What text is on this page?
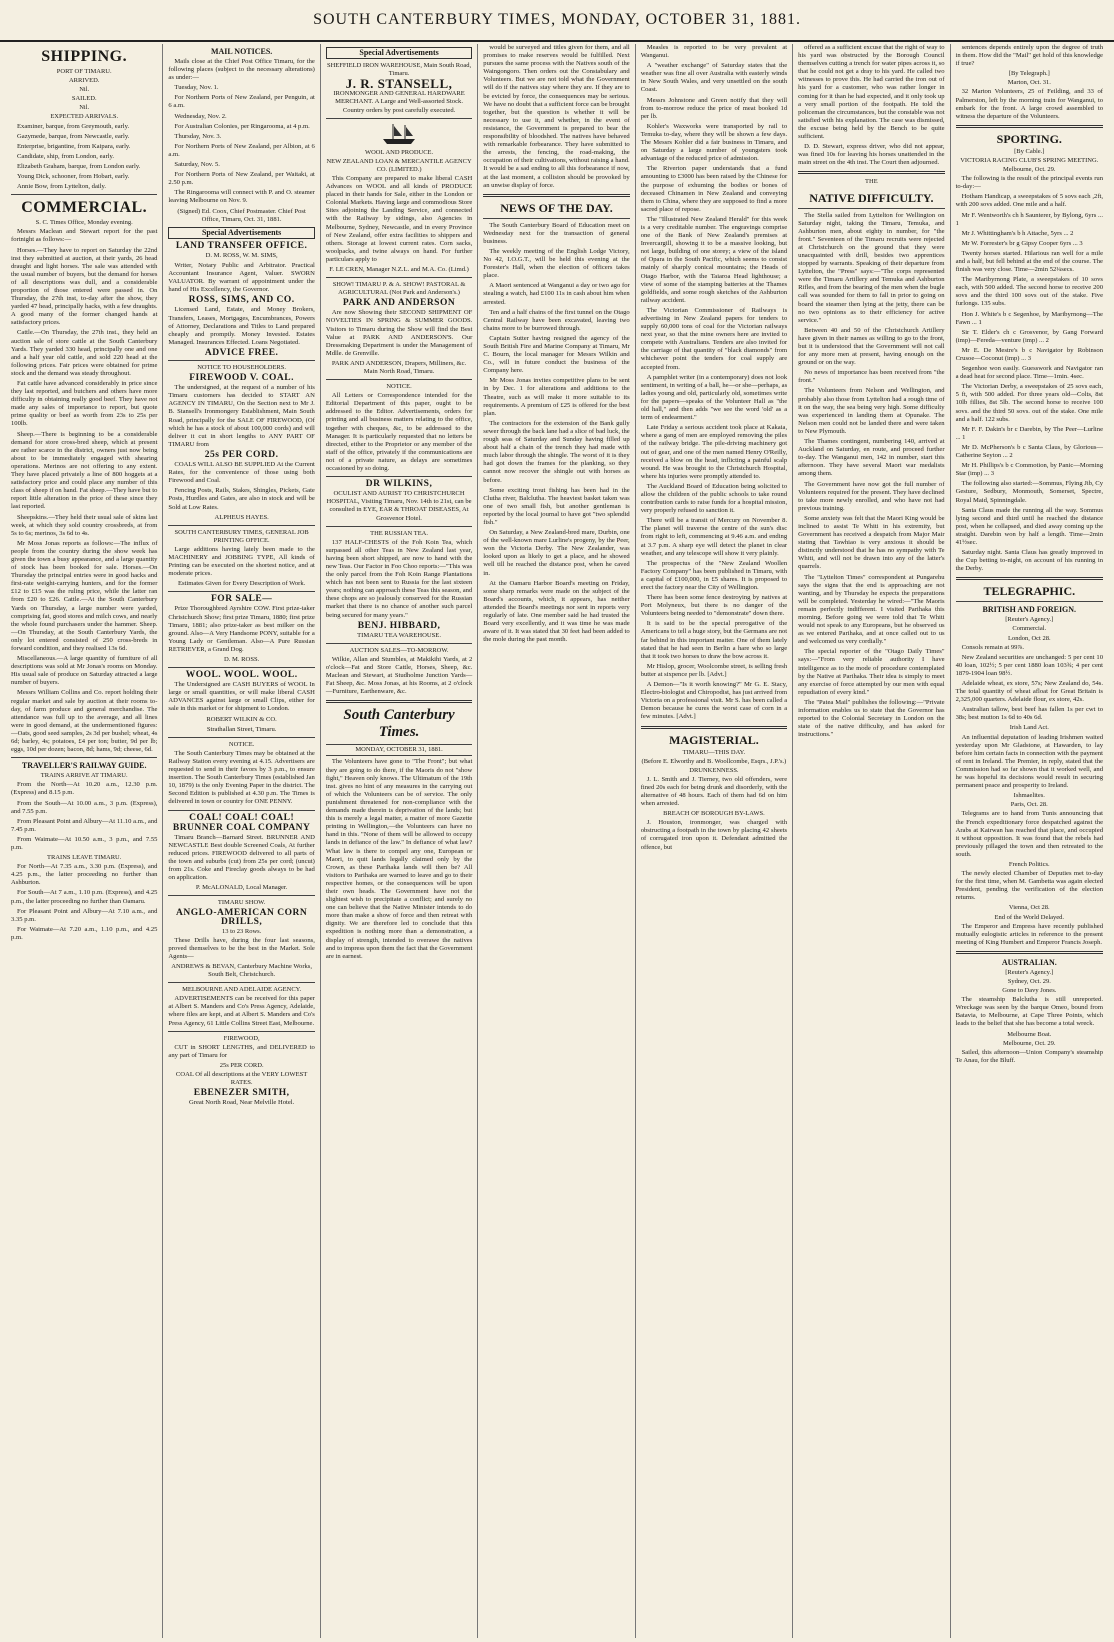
SOUTH CANTERBURY TIMES, MONDAY, OCTOBER 31, 1881.
SHIPPING.
PORT OF TIMARU.
ARRIVED.
Nil.
SAILED.
Nil.
EXPECTED ARRIVALS.

Examiner, barque, from Greymouth, early.

Gazymede, barque, from Newcastle, early.

Enterprise, brigantine, from Kaipara, early.

Candidate, ship, from London, early.

Elizabeth Graham, barque, from London early.

Young Dick, schooner, from Hobart, early.

Annie Bow, from Lyttelton, daily.

COMMERCIAL.
S. C. Times Office, Monday evening.

Messrs Maclean and Stewart report for the past fortnight as follows:—

Horses.—They have to report on Saturday the 22nd inst they submitted at auction, at their yards, 26 head draught and light horses. The sale was attended with the usual number of buyers, but the demand for horses of all descriptions was dull, and a considerable proportion of those entered were passed in. On Thursday, the 27th inst, to-day after the show, they yarded 47 head, principally hacks, with a few draughts. A good many of the former changed hands at satisfactory prices.

Cattle.—On Thursday, the 27th inst., they held an auction sale of store cattle at the South Canterbury Yards. They yarded 330 head, principally one and one and a half year old cattle, and sold 220 head at the following prices. Fair prices were obtained for prime stock and the demand was steady throughout.

Fat cattle have advanced considerably in price since they last reported, and butchers and others have more difficulty in obtaining really good beef. They have not made any sales of importance to report, but quote prime quality or beef as worth from 23s to 25s per 100lb.

Sheep.—There is beginning to be a considerable demand for store cross-bred sheep, which at present are rather scarce in the district, owners just now being about to be immediately engaged with shearing operations. Merinos are not offering to any extent. They have placed privately a line of 800 hoggets at a satisfactory price and could place any number of this class of sheep if on hand. Fat sheep.—They have but to report little alteration in the price of these since they last reported.

Sheepskins.—They held their usual sale of skins last week, at which they sold country crossbreds, at from 5s to 6s; merinos, 3s 6d to 4s.

Mr Moss Jonas reports as follows:—The influx of people from the country during the show week has given the town a busy appearance, and a large quantity of stock has been booked for sale. Horses.—On Thursday the principal entries were in good hacks and first-rate weight-carrying hunters, and for the former £12 to £15 was the ruling price, while the latter ran from £20 to £26. Cattle.—At the South Canterbury Yards on Thursday, a large number were yarded, comprising fat, good stores and milch cows, and nearly the whole found purchasers under the hammer. Sheep.—On Thursday, at the South Canterbury Yards, the only lot entered consisted of 250 cross-breds in forward condition, and they realised 13s 6d.

Miscellaneous.—A large quantity of furniture of all descriptions was sold at Mr Jonas's rooms on Monday. His usual sale of produce on Saturday attracted a large number of buyers.

Messrs William Collins and Co. report holding their regular market and sale by auction at their rooms to-day, of farm produce and general merchandise. The attendance was full up to the average, and all lines were in good demand, at the undermentioned figures:—Oats, good seed samples, 2s 3d per bushel; wheat, 4s 6d; barley, 4s; potatoes, £4 per ton; butter, 9d per lb; eggs, 10d per dozen; bacon, 8d; hams, 9d; cheese, 6d.

TRAVELLER'S RAILWAY GUIDE.
TRAINS ARRIVE AT TIMARU.

From the North—At 10.20 a.m., 12.30 p.m. (Express) and 8.15 p.m.

From the South—At 10.00 a.m., 3 p.m. (Express), and 7.55 p.m.

From Pleasant Point and Albury—At 11.10 a.m., and 7.45 p.m.

From Waimate—At 10.50 a.m., 3 p.m., and 7.55 p.m.

TRAINS LEAVE TIMARU.

For North—At 7.35 a.m., 3.30 p.m. (Express), and 4.25 p.m., the latter proceeding no further than Ashburton.

For South—At 7 a.m., 1.10 p.m. (Express), and 4.25 p.m., the latter proceeding no further than Oamaru.

For Pleasant Point and Albury—At 7.10 a.m., and 3.35 p.m.

For Waimate—At 7.20 a.m., 1.10 p.m., and 4.25 p.m.

MAIL NOTICES.

Mails close at the Chief Post Office Timaru, for the following places (subject to the necessary alterations) as under:—

Tuesday, Nov. 1.

For Northern Ports of New Zealand, per Penguin, at 6 a.m.

Wednesday, Nov. 2.

For Australian Colonies, per Ringarooma, at 4 p.m.

Thursday, Nov. 3.

For Northern Ports of New Zealand, per Albion, at 6 a.m.

Saturday, Nov. 5.

For Northern Ports of New Zealand, per Waitaki, at 2.50 p.m.

The Ringarooma will connect with P. and O. steamer leaving Melbourne on Nov. 9.

(Signed) Ed. Coox, Chief Postmaster. Chief Post Office, Timaru, Oct. 31, 1881.

Special Advertisements
LAND TRANSFER OFFICE.

D. M. ROSS, W. M. SIMS,

Writer, Notary Public and Arbitrator. Practical Accountant Insurance Agent, Valuer. SWORN VALUATOR. By warrant of appointment under the hand of His Excellency, the Governor.

ROSS, SIMS, AND CO.

Licensed Land, Estate, and Money Brokers, Transfers, Leases, Mortgages, Encumbrances, Powers of Attorney, Declarations and Titles to Land prepared cheaply and promptly. Money Invested. Estates Managed. Insurances Effected. Loans Negotiated.

ADVICE FREE.
NOTICE TO HOUSEHOLDERS.
FIREWOOD V. COAL.

The undersigned, at the request of a number of his Timaru customers has decided to START AN AGENCY IN TIMARU, On the Section next to Mr J. B. Stansell's Ironmongery Establishment, Main South Road, principally for the SALE OF FIREWOOD, (Of which he has a stock of about 100,000 cords) and will deliver it cut in short lengths to ANY PART OF TIMARU from

25s PER CORD.

COALS WILL ALSO BE SUPPLIED At the Current Rates, for the convenience of those using both Firewood and Coal.

Fencing Posts, Rails, Stakes, Shingles, Pickets, Gate Posts, Hurdles and Gates, are also in stock and will be Sold at Low Rates.

ALPHEUS HAYES.

SOUTH CANTERBURY TIMES, GENERAL JOB PRINTING OFFICE.

Large additions having lately been made to the MACHINERY and JOBBING TYPE, All kinds of Printing can be executed on the shortest notice, and at moderate prices.

Estimates Given for Every Description of Work.

FOR SALE—

Prize Thoroughbred Ayrshire COW. First prize-taker Christchurch Show; first prize Timaru, 1880; first prize Timaru, 1881; also prize-taker as best milker on the ground. Also—A Very Handsome PONY, suitable for a Young Lady or Gentleman. Also—A Pure Russian RETRIEVER, a Grand Dog.

D. M. ROSS.

WOOL. WOOL. WOOL.

The Undersigned are CASH BUYERS of WOOL In large or small quantities, or will make liberal CASH ADVANCES against large or small Clips, either for sale in this market or for shipment to London.

ROBERT WILKIN & CO.

Strathallan Street, Timaru.

NOTICE.

The South Canterbury Times may be obtained at the Railway Station every evening at 4.15. Advertisers are requested to send in their favors by 3 p.m., to ensure insertion. The South Canterbury Times (established Jan 10, 1879) is the only Evening Paper in the district. The Second Edition is published at 4.30 p.m. The Times is delivered in town or country for ONE PENNY.

COAL! COAL! COAL!
BRUNNER COAL COMPANY

Timaru Branch—Barnard Street. BRUNNER AND NEWCASTLE Best double Screened Coals, At further reduced prices. FIREWOOD delivered to all parts of the town and suburbs (cut) from 25s per cord; (uncut) from 21s. Coke and Fireclay goods always to be had on application.

P. McALONALD, Local Manager.

TIMARU SHOW.
ANGLO-AMERICAN CORN DRILLS,
13 to 23 Rows.

These Drills have, during the four last seasons, proved themselves to be the best in the Market. Sole Agents—

ANDREWS & BEVAN, Canterbury Machine Works, South Belt, Christchurch.

MELBOURNE AND ADELAIDE AGENCY.

ADVERTISEMENTS can be received for this paper at Albert S. Manders and Co's Press Agency, Adelaide, where files are kept, and at Albert S. Manders and Co's Press Agency, 61 Little Collins Street East, Melbourne.

FIREWOOD,

CUT in SHORT LENGTHS, and DELIVERED to any part of Timaru for

25s PER CORD.

COAL Of all descriptions at the VERY LOWEST RATES.

EBENEZER SMITH,

Great North Road, Near Melville Hotel.

Special Advertisements
SHEFFIELD IRON WAREHOUSE, Main South Road, Timaru.
J. R. STANSELL,

IRONMONGER AND GENERAL HARDWARE MERCHANT. A Large and Well-assorted Stock. Country orders by post carefully executed.

WOOL AND PRODUCE.
NEW ZEALAND LOAN & MERCANTILE AGENCY CO. (LIMITED.)

This Company are prepared to make liberal CASH Advances on WOOL and all kinds of PRODUCE placed in their hands for Sale, either in the London or Colonial Markets. Having large and commodious Store Sites adjoining the Landing Service, and connected with the Railway by sidings, also Agencies in Melbourne, Sydney, Newcastle, and in every Province of New Zealand, offer extra facilities to shippers and others. Storage at lowest current rates. Corn sacks, woolpacks, and twine always on hand. For further particulars apply to

F. LE CREN, Manager N.Z.L. and M.A. Co. (Limd.)

SHOW! TIMARU P. & A. SHOW! PASTORAL & AGRICULTURAL (Not Park and Anderson's.)
PARK AND ANDERSON

Are now Showing their SECOND SHIPMENT OF NOVELTIES IN SPRING & SUMMER GOODS. Visitors to Timaru during the Show will find the Best Value at PARK AND ANDERSON'S. Our Dressmaking Department is under the Management of Mdlle. de Grenville.

PARK AND ANDERSON, Drapers, Milliners, &c. Main North Road, Timaru.

NOTICE.

All Letters or Correspondence intended for the Editorial Department of this paper, ought to be addressed to the Editor. Advertisements, orders for printing and all business matters relating to the office, together with cheques, &c, to be addressed to the Manager. It is particularly requested that no letters be directed, either to the Proprietor or any member of the staff of the office, privately if the communications are not of a private nature, as delays are sometimes occasioned by so doing.

DR WILKINS,

OCULIST AND AURIST TO CHRISTCHURCH HOSPITAL, Visiting Timaru, Nov. 14th to 21st, can be consulted in EYE, EAR & THROAT DISEASES, At Grosvenor Hotel.

THE RUSSIAN TEA.

137 HALF-CHESTS of the Foh Koin Tea, which surpassed all other Teas in New Zealand last year, having been short shipped, are now to hand with the new Teas. Our Factor in Foo Choo reports:—"This was the only parcel from the Foh Koin Range Plantations which has not been sent to Russia for the last sixteen years; nothing can approach these Teas this season, and these chops are so jealously conserved for the Russian market that there is no chance of another such parcel being secured for many years."

BENJ. HIBBARD,

TIMARU TEA WAREHOUSE.

AUCTION SALES—TO-MORROW.

Wilkie, Allan and Stumbles, at Makikihi Yards, at 2 o'clock—Fat and Store Cattle, Horses, Sheep, &c. Maclean and Stewart, at Studholme Junction Yards—Fat Sheep, &c. Moss Jonas, at his Rooms, at 2 o'clock—Furniture, Earthenware, &c.

South Canterbury Times.
MONDAY, OCTOBER 31, 1881.

The Volunteers have gone to "The Front"; but what they are going to do there, if the Maoris do not "show fight," Heaven only knows. The Ultimatum of the 19th inst. gives no hint of any measures in the carrying out of which the Volunteers can be of service. The only punishment threatened for non-compliance with the demands made therein is deprivation of the lands; but this is merely a legal matter, a matter of more Gazette printing in Wellington,—the Volunteers can have no hand in this. "None of them will be allowed to occupy lands in defiance of the law." In defiance of what law? What law is there to compel any one, European or Maori, to quit lands legally claimed only by the Crown, as these Parihaka lands will then be? All visitors to Parihaka are warned to leave and go to their respective homes, or the consequences will be upon their own heads. The Government have not the slightest wish to precipitate a conflict; and surely no one can believe that the Native Minister intends to do more than make a show of force and then retreat with dignity. We are therefore led to conclude that this expedition is nothing more than a demonstration, a display of strength, intended to overawe the natives and to impress upon them the fact that the Government are in earnest.

would be surveyed and titles given for them, and all promises to make reserves would be fulfilled. Next pursues the same process with the Natives south of the Waingongoro. Then orders out the Constabulary and Volunteers. But we are not told what the Government will do if the natives stay where they are. If they are to be evicted by force, the consequences may be serious. We have no doubt that a sufficient force can be brought together, but the question is whether it will be necessary to use it, and whether, in the event of resistance, the Government is prepared to bear the responsibility of bloodshed. The natives have behaved with remarkable forbearance. They have submitted to the arrests, the fencing, the road-making, the occupation of their cultivations, without raising a hand. It would be a sad ending to all this forbearance if now, at the last moment, a collision should be provoked by an unwise display of force.

NEWS OF THE DAY.

The South Canterbury Board of Education meet on Wednesday next for the transaction of general business.

The weekly meeting of the English Lodge Victory, No 42, I.O.G.T., will be held this evening at the Forester's Hall, when the election of officers takes place.

A Maori sentenced at Wanganui a day or two ago for stealing a watch, had £100 11s in cash about him when arrested.

Ten and a half chains of the first tunnel on the Otago Central Railway have been excavated, leaving two chains more to be burrowed through.

Captain Sutter having resigned the agency of the South British Fire and Marine Company at Timaru, Mr C. Bourn, the local manager for Messrs Wilkin and Co., will in future conduct the business of the Company here.

Mr Moss Jonas invites competitive plans to be sent in by Dec. 1 for alterations and additions to the Theatre, such as will make it more suitable to its requirements. A premium of £25 is offered for the best plan.

The contractors for the extension of the Bank gully sewer through the back lane had a slice of bad luck, the rough seas of Saturday and Sunday having filled up about half a chain of the trench they had made with much labor through the shingle. The worst of it is they had got down the frames for the planking, so they cannot now recover the shingle out with horses as before.

Some exciting trout fishing has been had in the Clutha river, Balclutha. The heaviest basket taken was one of two small fish, but another gentleman is reported by the local journal to have got "two splendid fish."

On Saturday, a New Zealand-bred mare, Durbin, one of the well-known mare Lurline's progeny, by the Peer, won the Victoria Derby. The New Zealander, was looked upon as likely to get a place, and he showed well till he reached the distance post, when he caved in.

At the Oamaru Harbor Board's meeting on Friday, some sharp remarks were made on the subject of the Board's accounts, which, it appears, has neither attended the Board's meetings nor sent in reports very regularly of late. One member said he had trusted the Board very excellently, and it was time he was made aware of it. It was stated that 30 feet had been added to the mole during the past month.

Measles is reported to be very prevalent at Wanganui.

A "weather exchange" of Saturday states that the weather was fine all over Australia with easterly winds in New South Wales, and very unsettled on the south Coast.

Messrs Johnstone and Green notify that they will from to-morrow reduce the price of meat booked 1d per lb.

Kohler's Waxworks were transported by rail to Temuka to-day, where they will be shown a few days. The Messrs Kohler did a fair business in Timaru, and on Saturday a large number of youngsters took advantage of the reduced price of admission.

The Riverton paper understands that a fund amounting to £3000 has been raised by the Chinese for the purpose of exhuming the bodies or bones of deceased Chinamen in New Zealand and conveying them to China, where they are supposed to find a more sacred place of repose.

The "Illustrated New Zealand Herald" for this week is a very creditable number. The engravings comprise one of the Bank of New Zealand's premises at Invercargill, showing it to be a massive looking, but not large, building of one storey; a view of the island of Opara in the South Pacific, which seems to consist mainly of sharply conical mountains; the Heads of Otago Harbor, with the Taiaroa Head lighthouse; a view of some of the stamping batteries at the Thames goldfields, and some rough sketches of the Ashburton railway accident.

The Victorian Commissioner of Railways is advertising in New Zealand papers for tenders to supply 60,000 tons of coal for the Victorian railways next year, so that the mine owners here are invited to compete with Australians. Tenders are also invited for the carriage of that quantity of "black diamonds" from whichever point the tenders for coal supply are accepted from.

A pamphlet writer (in a contemporary) does not look sentiment, in writing of a ball, he—or she—perhaps, as ladies young and old, particularly old, sometimes write for the papers—speaks of the Volunteer Hall as "the old hall," and then adds "we see the word 'old' as a term of endearment."

Late Friday a serious accident took place at Kakaia, where a gang of men are employed removing the piles of the railway bridge. The pile-driving machinery got out of gear, and one of the men named Henry O'Reilly, received a blow on the head, inflicting a painful scalp wound. He was brought to the Christchurch Hospital, where his injuries were promptly attended to.

The Auckland Board of Education being solicited to allow the children of the public schools to take round contribution cards to raise funds for a hospital mission, very properly refused to sanction it.

There will be a transit of Mercury on November 8. The planet will traverse the centre of the sun's disc from right to left, commencing at 9.46 a.m. and ending at 3.7 p.m. A sharp eye will detect the planet in clear weather, and any telescope will show it very plainly.

The prospectus of the "New Zealand Woollen Factory Company" has been published in Timaru, with a capital of £100,000, in £5 shares. It is proposed to erect the factory near the City of Wellington.

There has been some fence destroying by natives at Port Molyneux, but there is no danger of the Volunteers being needed to "demonstrate" down there.

It is said to be the special prerogative of the Americans to tell a huge story, but the Germans are not far behind in this important matter. One of them lately stated that he had seen in Berlin a hare who so large that it took two horses to draw the bow across it.

Mr Hislop, grocer, Woolcombe street, is selling fresh butter at sixpence per lb. [Advt.]

A Demon—"Is it worth knowing?" Mr G. E. Stacy, Electro-biologist and Chiropodist, has just arrived from Victoria on a professional visit. Mr S. has been called a Demon because he cures the worst case of corn in a few minutes. [Advt.]

MAGISTERIAL.
TIMARU—THIS DAY.
(Before E. Elworthy and B. Woollcombe, Esqrs., J.P.'s.)
DRUNKENNESS.

J. L. Smith and J. Tierney, two old offenders, were fined 20s each for being drunk and disorderly, with the alternative of 48 hours. Each of them had 6d on him when arrested.

BREACH OF BOROUGH BY-LAWS.

J. Houston, ironmonger, was charged with obstructing a footpath in the town by placing 42 sheets of corrugated iron upon it. Defendant admitted the offence, but

offered as a sufficient excuse that the right of way to his yard was obstructed by the Borough Council themselves cutting a trench for water pipes across it, so that he could not get a dray to his yard. He called two witnesses to prove this. He had carried the iron out of his yard for a customer, who was rather longer in coming for it than he had expected, and it only took up a very small portion of the footpath. He told the policeman the circumstances, but the constable was not satisfied with his explanation. The case was dismissed, the excuse being held by the Bench to be quite sufficient.

D. D. Stewart, express driver, who did not appear, was fined 10s for leaving his horses unattended in the main street on the 4th inst. The Court then adjourned.

THE
NATIVE DIFFICULTY.

The Stella sailed from Lyttelton for Wellington on Saturday night, taking the Timaru, Temuka, and Ashburton men, about eighty in number, for "the front." Seventeen of the Timaru recruits were rejected at Christchurch on the ground that they were unacquainted with drill, besides two apprentices stopped by warrants. Speaking of their departure from Lyttelton, the "Press" says:—"The corps represented were the Timaru Artillery and Temuka and Ashburton Rifles, and from the bearing of the men when the bugle call was sounded for them to fall in prior to going on board the steamer then lying at the jetty, there can be no two opinions as to their efficiency for active service."

Between 40 and 50 of the Christchurch Artillery have given in their names as willing to go to the front, but it is understood that the Government will not call for any more men at present, having enough on the ground or on the way.

No news of importance has been received from "the front."

The Volunteers from Nelson and Wellington, and probably also those from Lyttelton had a rough time of it on the way, the sea being very high. Some difficulty was experienced in landing them at Opunake. The Nelson men could not be landed there and were taken to New Plymouth.

The Thames contingent, numbering 140, arrived at Auckland on Saturday, en route, and proceed further to-day. The Wanganui men, 142 in number, start this afternoon. They have several Maori war medalists among them.

The Government have now got the full number of Volunteers required for the present. They have declined to take more newly enrolled, and who have not had previous training.

Some anxiety was felt that the Maori King would be inclined to assist Te Whiti in his extremity, but Government has received a despatch from Major Mair stating that Tawhiao is very anxious it should be distinctly understood that he has no sympathy with Te Whiti, and will not be drawn into any of the latter's quarrels.

The "Lyttelton Times" correspondent at Pungarehu says the signs that the end is approaching are not wanting, and by Thursday he expects the preparations will be completed. Yesterday he wired:—"The Maoris remain perfectly indifferent. I visited Parihaka this morning. Before going we were told that Te Whiti would not speak to any Europeans, but he observed us as we entered Parihaka, and at once called out to us and welcomed us very cordially."

The special reporter of the "Otago Daily Times" says:—"From very reliable authority I have intelligence as to the mode of procedure contemplated by the Native at Parihaka. Their idea is simply to meet any exercise of force attempted by our men with equal repudiation of every kind."

The "Patea Mail" publishes the following:—"Private information enables us to state that the Governor has reported to the Colonial Secretary in London on the state of the native difficulty, and has asked for instructions."

sentences depends entirely upon the degree of truth in them. How did the "Mail" get hold of this knowledge if true?

[By Telegraph.]
Marton, Oct. 31.

32 Marton Volunteers, 25 of Feilding, and 33 of Palmerston, left by the morning train for Wanganui, to embark for the front. A large crowd assembled to witness the departure of the Volunteers.

SPORTING.
[By Cable.]
VICTORIA RACING CLUB'S SPRING MEETING.
Melbourne, Oct. 29.

The following is the result of the principal events run to-day:—

Hotham Handicap, a sweepstakes of 5 sovs each ,2ft, with 200 sovs added. One mile and a half.

Mr F. Wentworth's ch h Saunterer, by Bylong, 6yrs ... 1

Mr J. Whittingham's b h Attache, 5yrs ... 2

Mr W. Forrester's br g Gipsy Cooper 6yrs ... 3

Twenty horses started. Hilarious ran well for a mile and a half, but fell behind at the end of the course. The finish was very close. Time—2min 52¼secs.

The Maribyrnong Plate, a sweepstakes of 10 sovs each, with 500 added. The second horse to receive 200 sovs and the third 100 sovs out of the stake. Five furlongs. 135 subs.

Hon J. White's b c Segenhoe, by Maribyrnong—The Fawn ... 1

Sir T. Elder's ch c Grosvenor, by Gang Forward (imp)—Fereda—venture (imp) ... 2

Mr E. De Mestre's b c Navigator by Robinson Crusoe—Coconut (imp) ... 3

Segenhoe won easily. Guesswork and Navigator ran a dead heat for second place. Time—1min. 4sec.

The Victorian Derby, a sweepstakes of 25 sovs each, 5 ft, with 500 added. For three years old—Colts, 8st 10lb fillies, 8st 5lb. The second horse to receive 100 sovs. and the third 50 sovs. out of the stake. One mile and a half. 122 subs.

Mr F. F. Dakin's br c Darebin, by The Peer—Lurline ... 1

Mr D. McPherson's b c Santa Claus, by Glorious—Catherine Seyton ... 2

Mr H. Phillips's b c Commotion, by Panic—Morning Star (imp) ... 3

The following also started:—Sommus, Flying Jib, Cy Gesture, Sedbury, Monmouth, Somerset, Spectre, Royal Maid, Spinningdale.

Santa Claus made the running all the way. Sommus lying second and third until he reached the distance post, when he collapsed, and died away coming up the straight. Darebin won by half a length. Time—2min 41½sec.

Saturday night. Santa Claus has greatly improved in the Cup betting to-night, on account of his running in the Derby.

TELEGRAPHIC.
BRITISH AND FOREIGN.
[Reuter's Agency.]
Commercial.
London, Oct 28.

Consols remain at 99⅞.

New Zealand securities are unchanged: 5 per cent 10 40 loan, 102½; 5 per cent 1880 loan 103¾; 4 per cent 1879-1904 loan 98½.

Adelaide wheat, ex store, 57s; New Zealand do, 54s. The total quantity of wheat afloat for Great Britain is 2,325,000 quarters. Adelaide flour, ex store, 42s.

Australian tallow, best beef has fallen 1s per cwt to 38s; best mutton 1s 6d to 40s 6d.

Irish Land Act.

An influential deputation of leading Irishmen waited yesterday upon Mr Gladstone, at Hawarden, to lay before him certain facts in connection with the payment of rent in Ireland. The Premier, in reply, stated that the Commission had so far shown that it worked well, and he was hopeful its decisions would result in securing permanent peace and prosperity to Ireland.

Ishmaelites.
Paris, Oct. 28.

Telegrams are to hand from Tunis announcing that the French expeditionary force despatched against the Arabs at Kairwan has reached that place, and occupied it without opposition. It was found that the rebels had previously pillaged the town and then retreated to the south.

French Politics.

The newly elected Chamber of Deputies met to-day for the first time, when M. Gambetta was again elected President, pending the verification of the election returns.

Vienna, Oct 28.
End of the World Delayed.

The Emperor and Empress have recently published mutually eulogistic articles in reference to the present meeting of King Humbert and Emperor Francis Joseph.

AUSTRALIAN.
[Reuter's Agency.]
Sydney, Oct. 29.
Gone to Davy Jones.

The steamship Balclutha is still unreported. Wreckage was seen by the barque Omeo, bound from Batavia, to Melbourne, at Cape Three Points, which leads to the belief that she has become a total wreck.

Melbourne Boat.
Melbourne, Oct. 29.

Sailed, this afternoon—Union Company's steamship Te Anau, for the Bluff.
